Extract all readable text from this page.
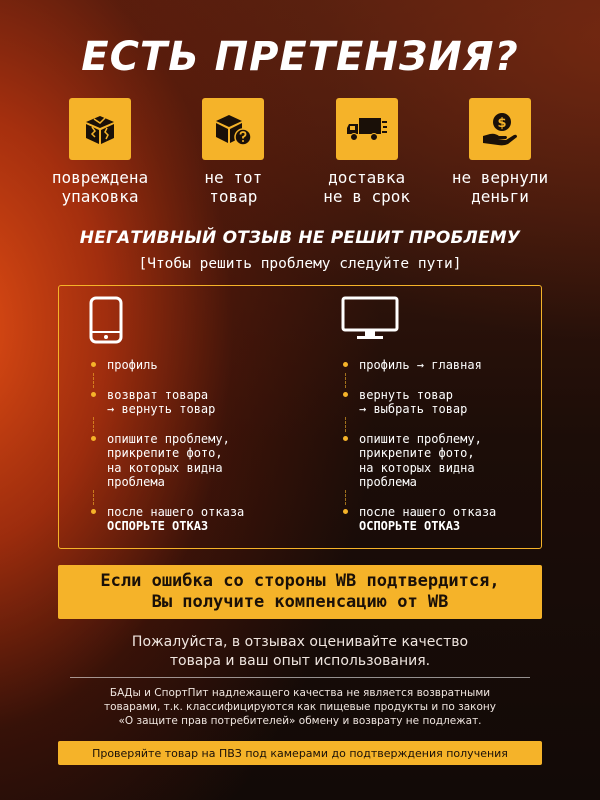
ЕСТЬ ПРЕТЕНЗИЯ?
повреждена
упаковка
не тот
товар
доставка
не в срок
$
не вернули
деньги
НЕГАТИВНЫЙ ОТЗЫВ НЕ РЕШИТ ПРОБЛЕМУ
[Чтобы решить проблему следуйте пути]
профиль
возврат товара
→ вернуть товар
опишите проблему,
прикрепите фото,
на которых видна
проблема
после нашего отказа
ОСПОРЬТЕ ОТКАЗ
профиль → главная
вернуть товар
→ выбрать товар
опишите проблему,
прикрепите фото,
на которых видна
проблема
после нашего отказа
ОСПОРЬТЕ ОТКАЗ
Если ошибка со стороны WB подтвердится,
Вы получите компенсацию от WB
Пожалуйста, в отзывах оценивайте качество
товара и ваш опыт использования.
БАДы и СпортПит надлежащего качества не является возвратными
товарами, т.к. классифицируются как пищевые продукты и по закону
«О защите прав потребителей» обмену и возврату не подлежат.
Проверяйте товар на ПВЗ под камерами до подтверждения получения
